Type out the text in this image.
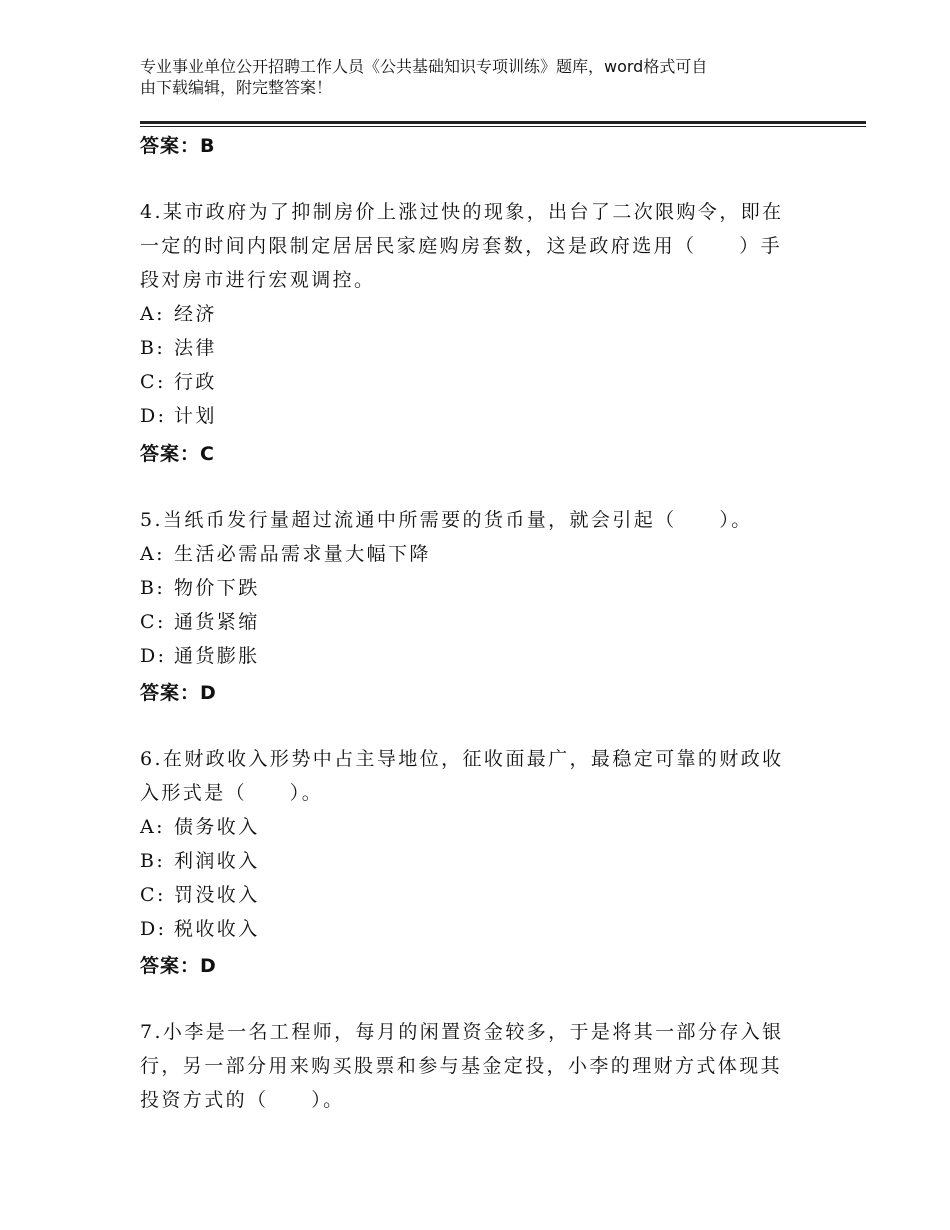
专业事业单位公开招聘工作人员《公共基础知识专项训练》题库，word格式可自
由下载编辑，附完整答案！
答案：B

4.某市政府为了抑制房价上涨过快的现象，出台了二次限购令，即在

一定的时间内限制定居居民家庭购房套数，这是政府选用（　　）手

段对房市进行宏观调控。

A: 经济

B: 法律

C: 行政

D: 计划

答案：C

5.当纸币发行量超过流通中所需要的货币量，就会引起（　　）。

A: 生活必需品需求量大幅下降

B: 物价下跌

C: 通货紧缩

D: 通货膨胀

答案：D

6.在财政收入形势中占主导地位，征收面最广，最稳定可靠的财政收

入形式是（　　）。

A: 债务收入

B: 利润收入

C: 罚没收入

D: 税收收入

答案：D

7.小李是一名工程师，每月的闲置资金较多，于是将其一部分存入银

行，另一部分用来购买股票和参与基金定投，小李的理财方式体现其

投资方式的（　　）。
